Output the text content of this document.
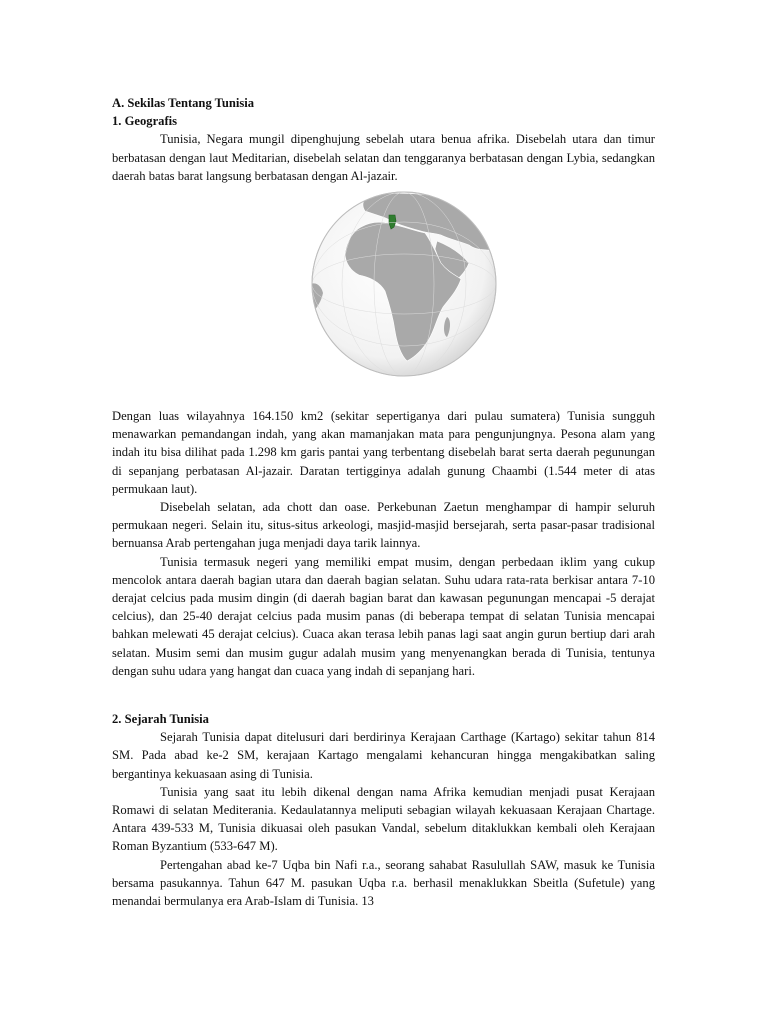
A. Sekilas Tentang Tunisia
1. Geografis

Tunisia, Negara mungil dipenghujung sebelah utara benua afrika. Disebelah utara dan timur berbatasan dengan laut Meditarian, disebelah selatan dan tenggaranya berbatasan dengan Lybia, sedangkan daerah batas barat langsung berbatasan dengan Al-jazair.

Dengan luas wilayahnya 164.150 km2 (sekitar sepertiganya dari pulau sumatera) Tunisia sungguh menawarkan pemandangan indah, yang akan mamanjakan mata para pengunjungnya. Pesona alam yang indah itu bisa dilihat pada 1.298 km garis pantai yang terbentang disebelah barat serta daerah pegunungan di sepanjang perbatasan Al-jazair. Daratan tertigginya adalah gunung Chaambi (1.544 meter di atas permukaan laut).

Disebelah selatan, ada chott dan oase. Perkebunan Zaetun menghampar di hampir seluruh permukaan negeri. Selain itu, situs-situs arkeologi, masjid-masjid bersejarah, serta pasar-pasar tradisional bernuansa Arab pertengahan juga menjadi daya tarik lainnya.

Tunisia termasuk negeri yang memiliki empat musim, dengan perbedaan iklim yang cukup mencolok antara daerah bagian utara dan daerah bagian selatan. Suhu udara rata-rata berkisar antara 7-10 derajat celcius pada musim dingin (di daerah bagian barat dan kawasan pegunungan mencapai -5 derajat celcius), dan 25-40 derajat celcius pada musim panas (di beberapa tempat di selatan Tunisia mencapai bahkan melewati 45 derajat celcius). Cuaca akan terasa lebih panas lagi saat angin gurun bertiup dari arah selatan. Musim semi dan musim gugur adalah musim yang menyenangkan berada di Tunisia, tentunya dengan suhu udara yang hangat dan cuaca yang indah di sepanjang hari.

2. Sejarah Tunisia

Sejarah Tunisia dapat ditelusuri dari berdirinya Kerajaan Carthage (Kartago) sekitar tahun 814 SM. Pada abad ke-2 SM, kerajaan Kartago mengalami kehancuran hingga mengakibatkan saling bergantinya kekuasaan asing di Tunisia.

Tunisia yang saat itu lebih dikenal dengan nama Afrika kemudian menjadi pusat Kerajaan Romawi di selatan Mediterania. Kedaulatannya meliputi sebagian wilayah kekuasaan Kerajaan Chartage. Antara 439-533 M, Tunisia dikuasai oleh pasukan Vandal, sebelum ditaklukkan kembali oleh Kerajaan Roman Byzantium (533-647 M).

Pertengahan abad ke-7 Uqba bin Nafi r.a., seorang sahabat Rasulullah SAW, masuk ke Tunisia bersama pasukannya. Tahun 647 M. pasukan Uqba r.a. berhasil menaklukkan Sbeitla (Sufetule) yang menandai bermulanya era Arab-Islam di Tunisia. 13
